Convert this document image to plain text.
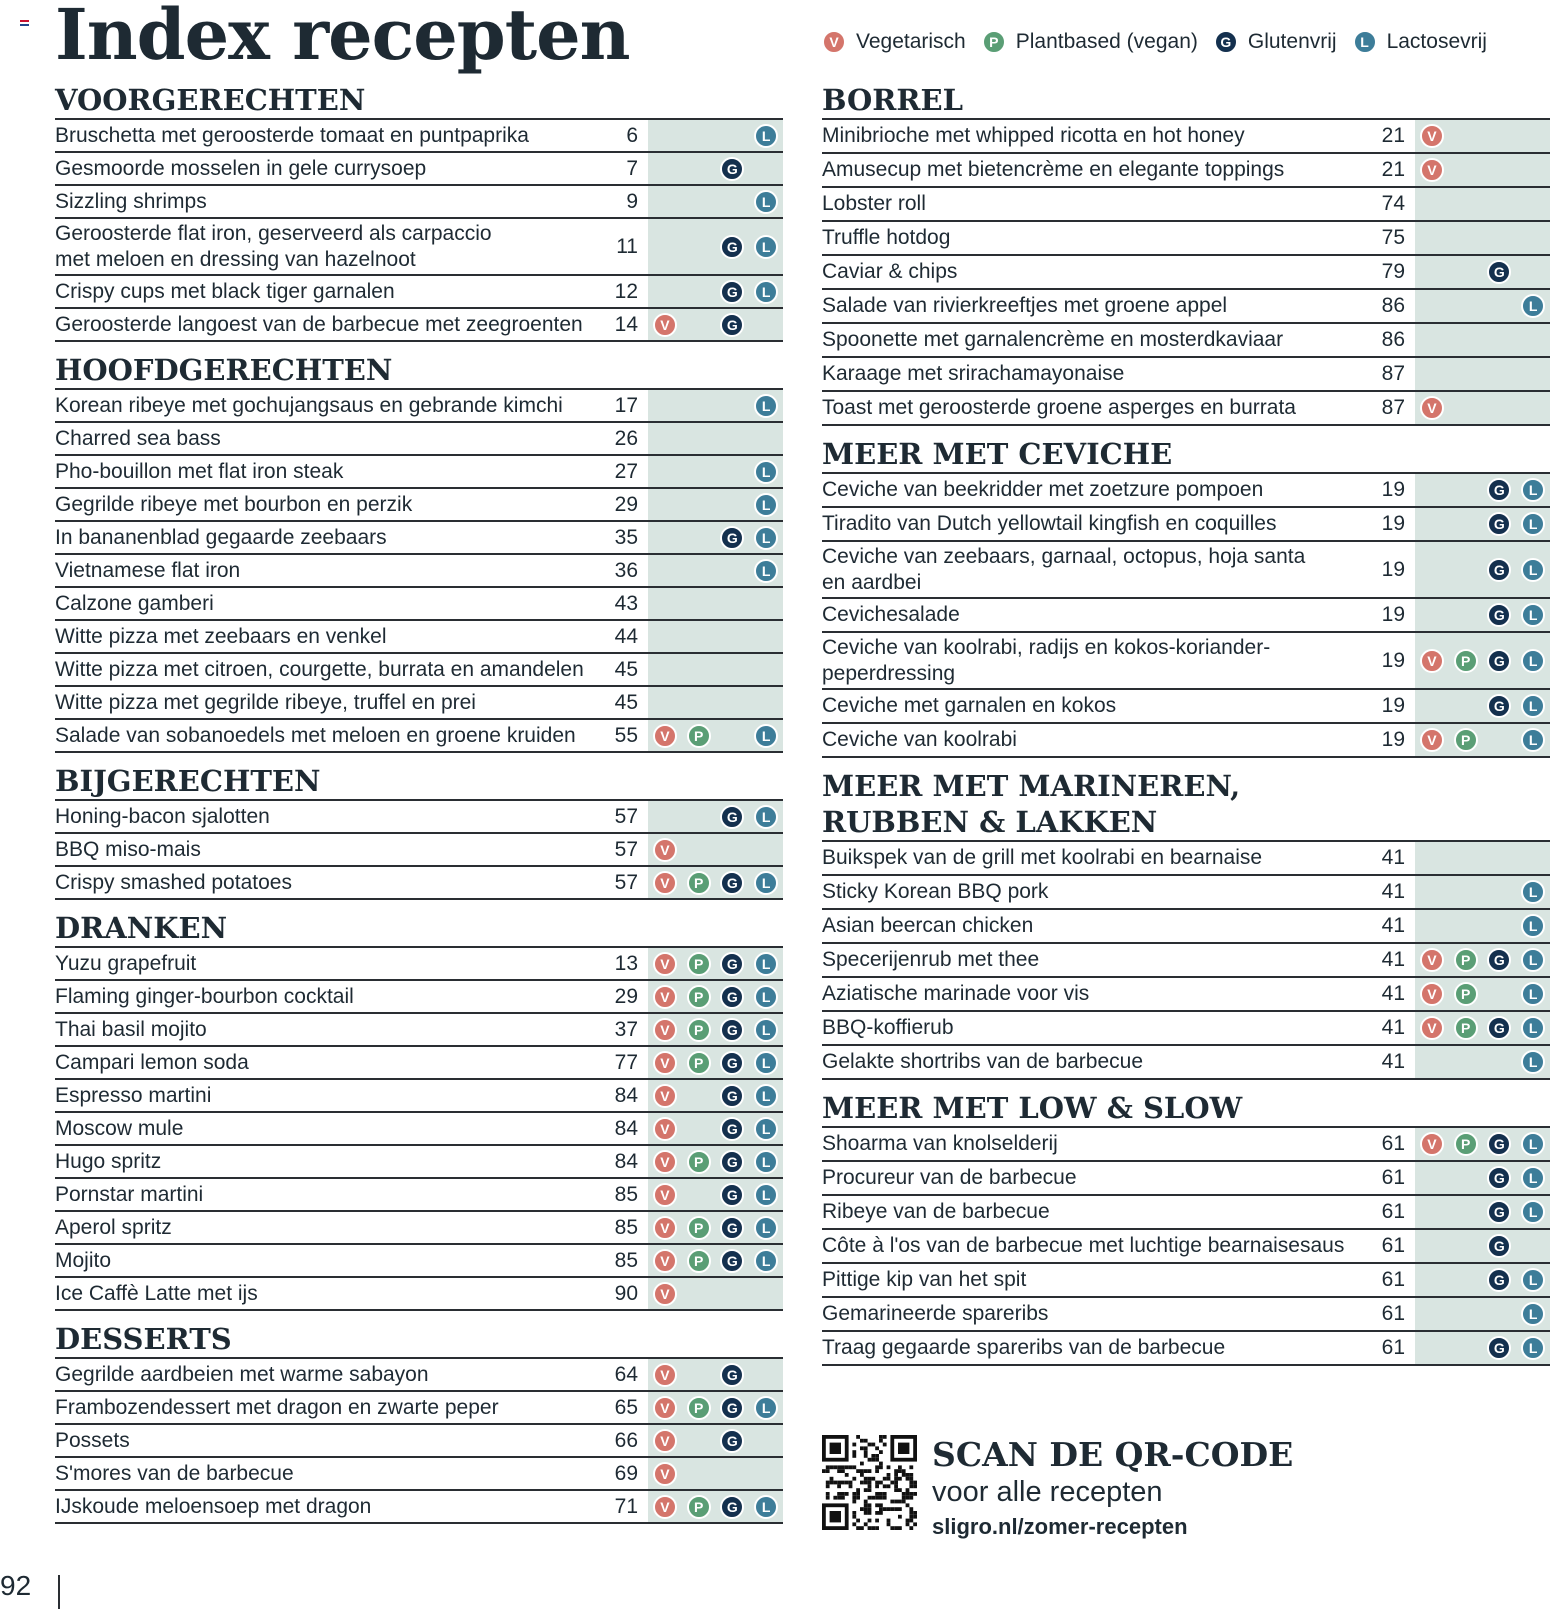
Index recepten	V Vegetarisch	P Plantbased (vegan)	G Glutenvrij	L Lactosevrij
VOORGERECHTEN
Bruschetta met geroosterde tomaat en puntpaprika	6	L
Gesmoorde mosselen in gele currysoep	7	G
Sizzling shrimps	9	L
Geroosterde flat iron, geserveerd als carpaccio
met meloen en dressing van hazelnoot
11	G	L
Crispy cups met black tiger garnalen	12	G	L
Geroosterde langoest van de barbecue met zeegroenten	14	V	G
HOOFDGERECHTEN
Korean ribeye met gochujangsaus en gebrande kimchi	17	L
Charred sea bass	26
Pho-bouillon met flat iron steak	27	L
Gegrilde ribeye met bourbon en perzik	29	L
In bananenblad gegaarde zeebaars	35	G	L
Vietnamese flat iron	36	L
Calzone gamberi	43
Witte pizza met zeebaars en venkel	44
Witte pizza met citroen, courgette, burrata en amandelen	45
Witte pizza met gegrilde ribeye, truffel en prei	45
Salade van sobanoedels met meloen en groene kruiden	55	V	P	L
BIJGERECHTEN
Honing-bacon sjalotten	57	G	L
BBQ miso-mais	57	V
Crispy smashed potatoes	57	V	P	G	L
DRANKEN
Yuzu grapefruit	13	V	P	G	L
Flaming ginger-bourbon cocktail	29	V	P	G	L
Thai basil mojito	37	V	P	G	L
Campari lemon soda	77	V	P	G	L
Espresso martini	84	V	G	L
Moscow mule	84	V	G	L
Hugo spritz	84	V	P	G	L
Pornstar martini	85	V	G	L
Aperol spritz	85	V	P	G	L
Mojito	85	V	P	G	L
Ice Caffè Latte met ijs	90	V
DESSERTS
Gegrilde aardbeien met warme sabayon	64	V	G
Frambozendessert met dragon en zwarte peper	65	V	P	G	L
Possets	66	V	G
S'mores van de barbecue	69	V
IJskoude meloensoep met dragon	71	V	P	G	L
BORREL
Minibrioche met whipped ricotta en hot honey	21	V
Amusecup met bietencrème en elegante toppings	21	V
Lobster roll	74
Truffle hotdog	75
Caviar & chips	79	G
Salade van rivierkreeftjes met groene appel	86	L
Spoonette met garnalencrème en mosterdkaviaar	86
Karaage met srirachamayonaise	87
Toast met geroosterde groene asperges en burrata	87	V
MEER MET CEVICHE
Ceviche van beekridder met zoetzure pompoen	19	G	L
Tiradito van Dutch yellowtail kingfish en coquilles	19	G	L
Ceviche van zeebaars, garnaal, octopus, hoja santa
en aardbei
19	G	L
Cevichesalade	19	G	L
Ceviche van koolrabi, radijs en kokos-koriander-
peperdressing
19	V	P	G	L
Ceviche met garnalen en kokos	19	G	L
Ceviche van koolrabi	19	V	P	L
MEER MET MARINEREN,
RUBBEN & LAKKEN
Buikspek van de grill met koolrabi en bearnaise	41
Sticky Korean BBQ pork	41	L
Asian beercan chicken	41	L
Specerijenrub met thee	41	V	P	G	L
Aziatische marinade voor vis	41	V	P	L
BBQ-koffierub	41	V	P	G	L
Gelakte shortribs van de barbecue	41	L
MEER MET LOW & SLOW
Shoarma van knolselderij	61	V	P	G	L
Procureur van de barbecue	61	G	L
Ribeye van de barbecue	61	G	L
Côte à l'os van de barbecue met luchtige bearnaisesaus	61	G
Pittige kip van het spit	61	G	L
Gemarineerde spareribs	61	L
Traag gegaarde spareribs van de barbecue	61	G	L
SCAN DE QR-CODE
voor alle recepten
sligro.nl/zomer-recepten
92
